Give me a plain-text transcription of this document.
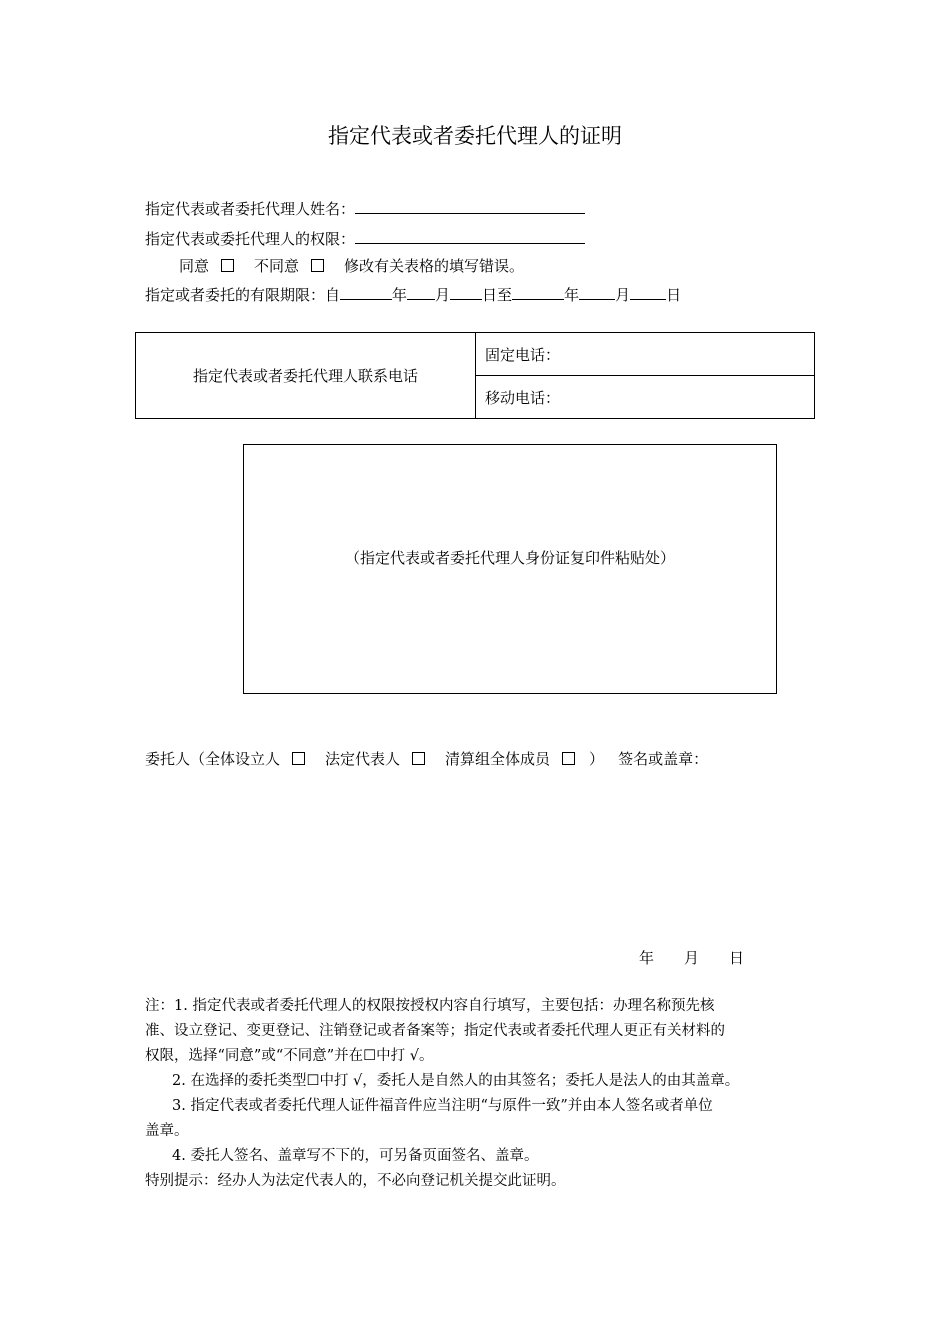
指定代表或者委托代理人的证明
指定代表或者委托代理人姓名：
指定代表或委托代理人的权限：
同意	不同意	修改有关表格的填写错误。
指定或者委托的有限期限：自	年 月 日至	年 月 日
指定代表或者委托代理人联系电话
固定电话：
移动电话：
（指定代表或者委托代理人身份证复印件粘贴处）
委托人（全体设立人	法定代表人	清算组全体成员	） 签名或盖章：
年 月 日
注：1. 指定代表或者委托代理人的权限按授权内容自行填写，主要包括：办理名称预先核
准、设立登记、变更登记、注销登记或者备案等；指定代表或者委托代理人更正有关材料的
权限，选择“同意”或“不同意”并在☐中打 √。
2. 在选择的委托类型☐中打 √，委托人是自然人的由其签名；委托人是法人的由其盖章。
3. 指定代表或者委托代理人证件福音件应当注明“与原件一致”并由本人签名或者单位
盖章。
4. 委托人签名、盖章写不下的，可另备页面签名、盖章。
特别提示：经办人为法定代表人的，不必向登记机关提交此证明。
